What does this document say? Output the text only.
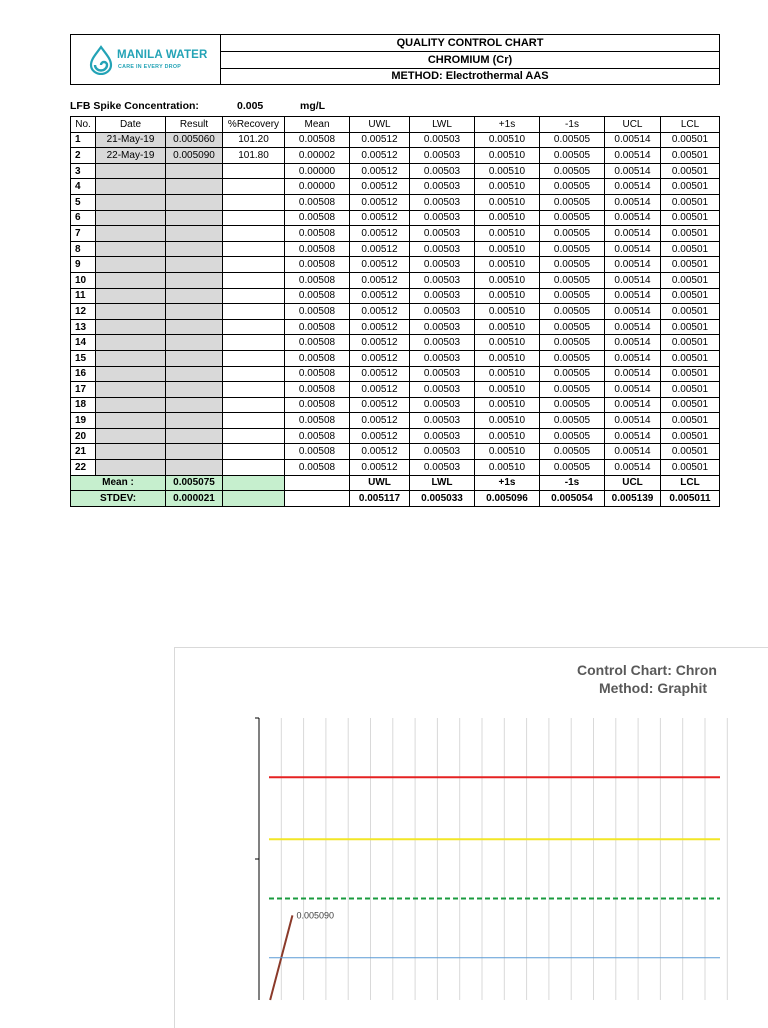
MANILA WATER
CARE IN EVERY DROP
QUALITY CONTROL CHART
CHROMIUM (Cr)
METHOD: Electrothermal AAS
LFB Spike Concentration:	0.005	mg/L
No.	Date	Result	%Recovery	Mean	UWL	LWL	+1s	-1s	UCL	LCL
1	21-May-19	0.005060	101.20	0.00508	0.00512	0.00503	0.00510	0.00505	0.00514	0.00501
2	22-May-19	0.005090	101.80	0.00002	0.00512	0.00503	0.00510	0.00505	0.00514	0.00501
3				0.00000	0.00512	0.00503	0.00510	0.00505	0.00514	0.00501
4				0.00000	0.00512	0.00503	0.00510	0.00505	0.00514	0.00501
5				0.00508	0.00512	0.00503	0.00510	0.00505	0.00514	0.00501
6				0.00508	0.00512	0.00503	0.00510	0.00505	0.00514	0.00501
7				0.00508	0.00512	0.00503	0.00510	0.00505	0.00514	0.00501
8				0.00508	0.00512	0.00503	0.00510	0.00505	0.00514	0.00501
9				0.00508	0.00512	0.00503	0.00510	0.00505	0.00514	0.00501
10				0.00508	0.00512	0.00503	0.00510	0.00505	0.00514	0.00501
11				0.00508	0.00512	0.00503	0.00510	0.00505	0.00514	0.00501
12				0.00508	0.00512	0.00503	0.00510	0.00505	0.00514	0.00501
13				0.00508	0.00512	0.00503	0.00510	0.00505	0.00514	0.00501
14				0.00508	0.00512	0.00503	0.00510	0.00505	0.00514	0.00501
15				0.00508	0.00512	0.00503	0.00510	0.00505	0.00514	0.00501
16				0.00508	0.00512	0.00503	0.00510	0.00505	0.00514	0.00501
17				0.00508	0.00512	0.00503	0.00510	0.00505	0.00514	0.00501
18				0.00508	0.00512	0.00503	0.00510	0.00505	0.00514	0.00501
19				0.00508	0.00512	0.00503	0.00510	0.00505	0.00514	0.00501
20				0.00508	0.00512	0.00503	0.00510	0.00505	0.00514	0.00501
21				0.00508	0.00512	0.00503	0.00510	0.00505	0.00514	0.00501
22				0.00508	0.00512	0.00503	0.00510	0.00505	0.00514	0.00501
Mean :		0.005075			UWL	LWL	+1s	-1s	UCL	LCL
STDEV:		0.000021			0.005117	0.005033	0.005096	0.005054	0.005139	0.005011
Control Chart: Chron
Method: Graphit
0.005090
